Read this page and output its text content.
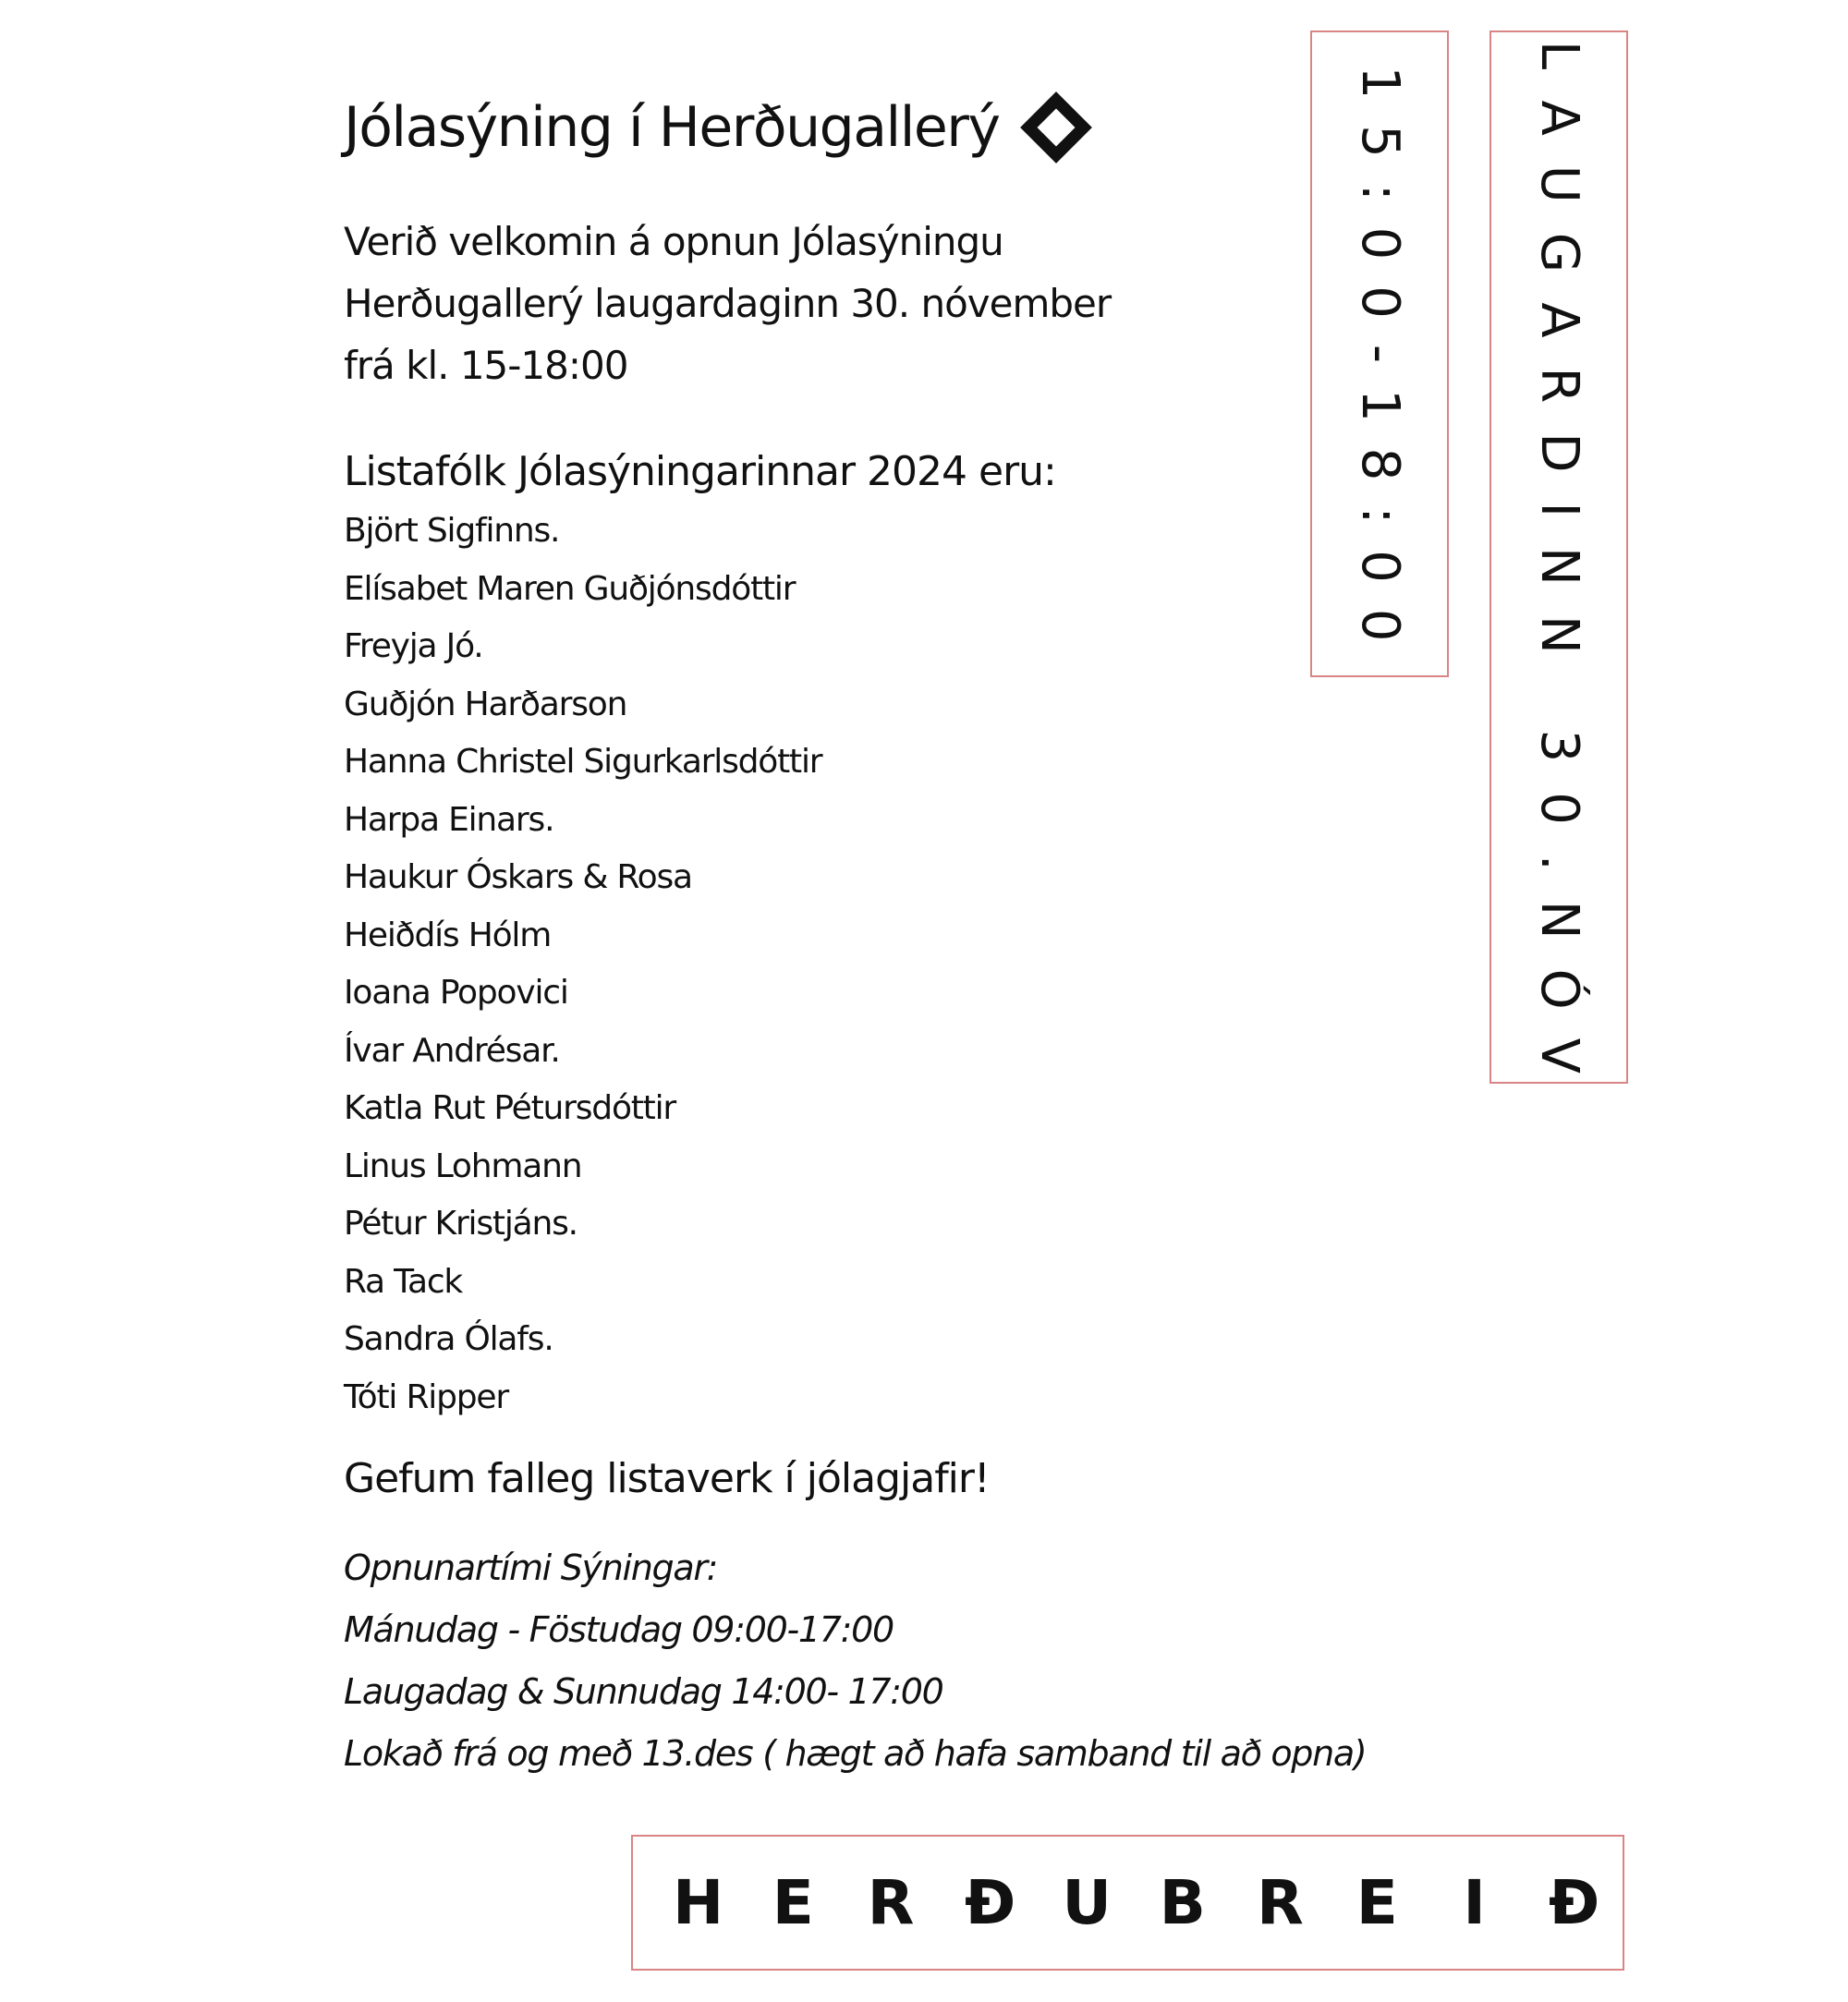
Jólasýning í Herðugallerý

Verið velkomin á opnun Jólasýningu Herðugallerý laugardaginn 30. nóvember frá kl. 15-18:00

Listafólk Jólasýningarinnar 2024 eru:
Björt Sigfinns.
Elísabet Maren Guðjónsdóttir
Freyja Jó.
Guðjón Harðarson
Hanna Christel Sigurkarlsdóttir
Harpa Einars.
Haukur Óskars & Rosa
Heiðdís Hólm
Ioana Popovici
Ívar Andrésar.
Katla Rut Pétursdóttir
Linus Lohmann
Pétur Kristjáns.
Ra Tack
Sandra Ólafs.
Tóti Ripper
Gefum falleg listaverk í jólagjafir!
Opnunartími Sýningar:
Mánudag - Föstudag 09:00-17:00
Laugadag & Sunnudag 14:00- 17:00
Lokað frá og með 13.des ( hægt að hafa samband til að opna)
15:00-18:00 LAUGARDINN 30.NÓV
H E R Đ U B R E I Đ
